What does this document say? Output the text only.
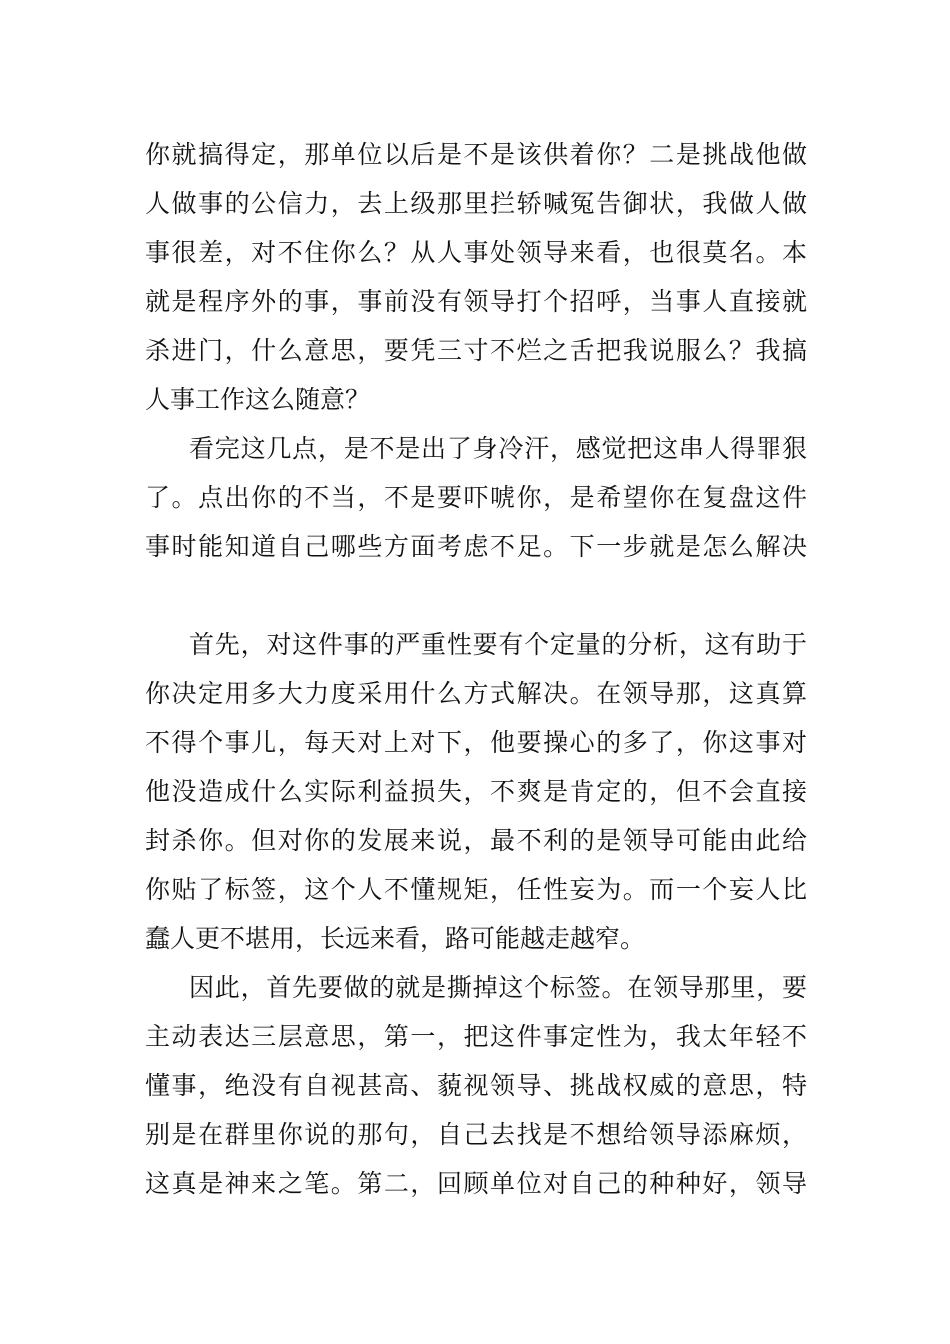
你就搞得定，那单位以后是不是该供着你？二是挑战他做
人做事的公信力，去上级那里拦轿喊冤告御状，我做人做
事很差，对不住你么？从人事处领导来看，也很莫名。本
就是程序外的事，事前没有领导打个招呼，当事人直接就
杀进门，什么意思，要凭三寸不烂之舌把我说服么？我搞
人事工作这么随意？
看完这几点，是不是出了身冷汗，感觉把这串人得罪狠
了。点出你的不当，不是要吓唬你，是希望你在复盘这件
事时能知道自己哪些方面考虑不足。下一步就是怎么解决
首先，对这件事的严重性要有个定量的分析，这有助于
你决定用多大力度采用什么方式解决。在领导那，这真算
不得个事儿，每天对上对下，他要操心的多了，你这事对
他没造成什么实际利益损失，不爽是肯定的，但不会直接
封杀你。但对你的发展来说，最不利的是领导可能由此给
你贴了标签，这个人不懂规矩，任性妄为。而一个妄人比
蠢人更不堪用，长远来看，路可能越走越窄。
因此，首先要做的就是撕掉这个标签。在领导那里，要
主动表达三层意思，第一，把这件事定性为，我太年轻不
懂事，绝没有自视甚高、藐视领导、挑战权威的意思，特
别是在群里你说的那句，自己去找是不想给领导添麻烦，
这真是神来之笔。第二，回顾单位对自己的种种好，领导
